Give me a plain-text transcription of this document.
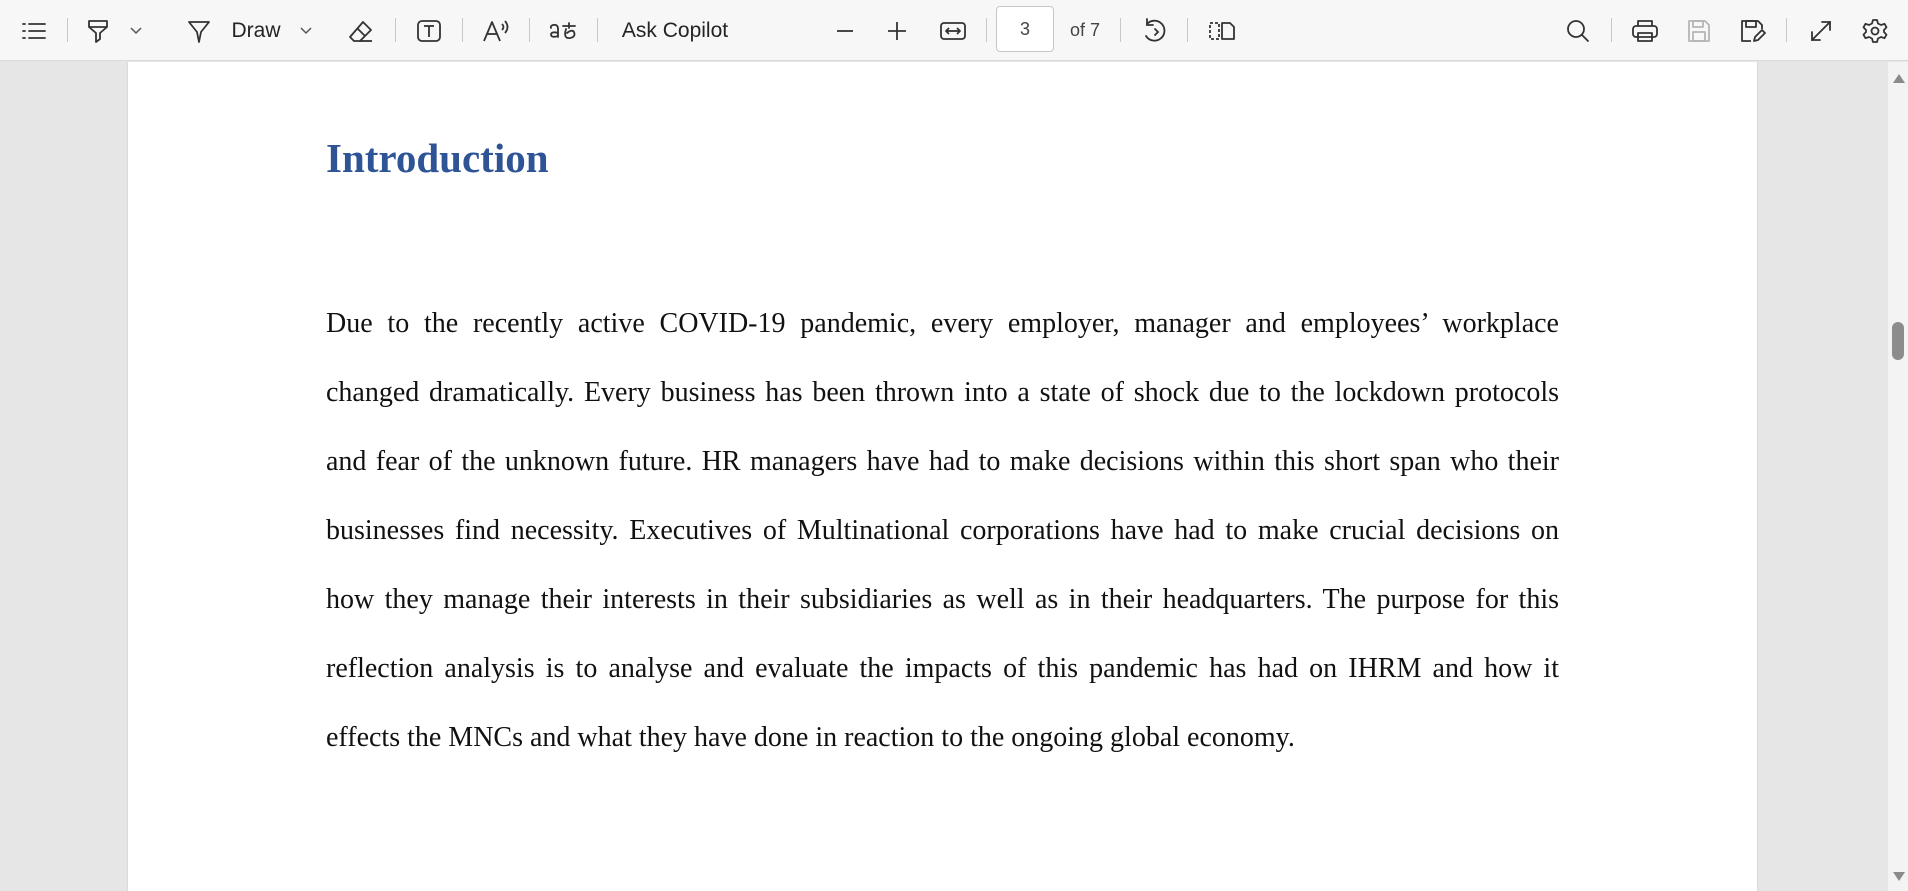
Draw	Ask Copilot	3	of 7
Introduction

Due to the recently active COVID-19 pandemic, every employer, manager and employees’ workplace changed dramatically. Every business has been thrown into a state of shock due to the lockdown protocols and fear of the unknown future. HR managers have had to make decisions within this short span who their businesses find necessity. Executives of Multinational corporations have had to make crucial decisions on how they manage their interests in their subsidiaries as well as in their headquarters. The purpose for this reflection analysis is to analyse and evaluate the impacts of this pandemic has had on IHRM and how it effects the MNCs and what they have done in reaction to the ongoing global economy.
